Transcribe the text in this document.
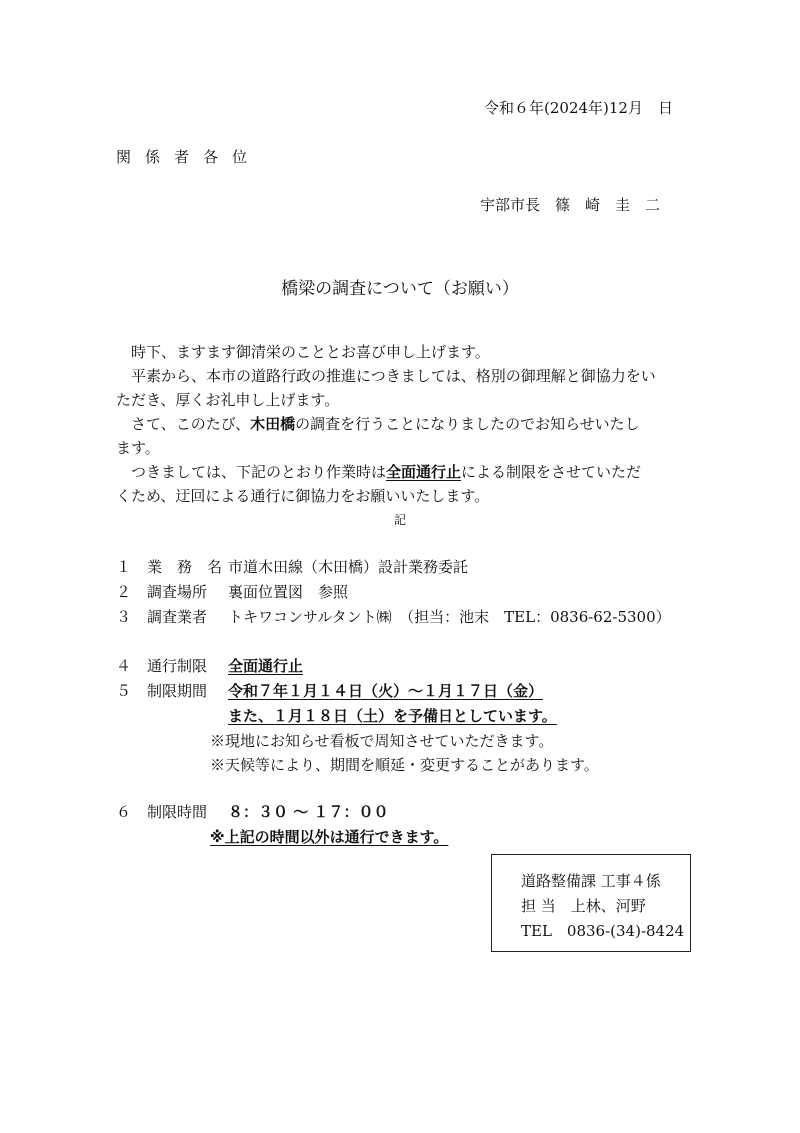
令和６年(2024年)12月　日
関係者各位
宇部市長　篠　崎　圭　二
橋梁の調査について（お願い）
時下、ますます御清栄のこととお喜び申し上げます。
平素から、本市の道路行政の推進につきましては、格別の御理解と御協力をい
ただき、厚くお礼申し上げます。
さて、このたび、木田橋の調査を行うことになりましたのでお知らせいたし
ます。
つきましては、下記のとおり作業時は全面通行止による制限をさせていただ
くため、迂回による通行に御協力をお願いいたします。
記
１ 業　務　名 市道木田線（木田橋）設計業務委託
２ 調査場所 裏面位置図　参照
３ 調査業者 トキワコンサルタント㈱　（担当：池末　TEL：0836-62-5300）
４ 通行制限 全面通行止
５ 制限期間 令和７年１月１４日（火）～１月１７日（金）
また、１月１８日（土）を予備日としています。
※現地にお知らせ看板で周知させていただきます。
※天候等により、期間を順延・変更することがあります。
６ 制限時間 ８：３０ 〜 １７：００
※上記の時間以外は通行できます。
道路整備課 工事４係
担 当　上林、河野
TEL　0836-(34)-8424
